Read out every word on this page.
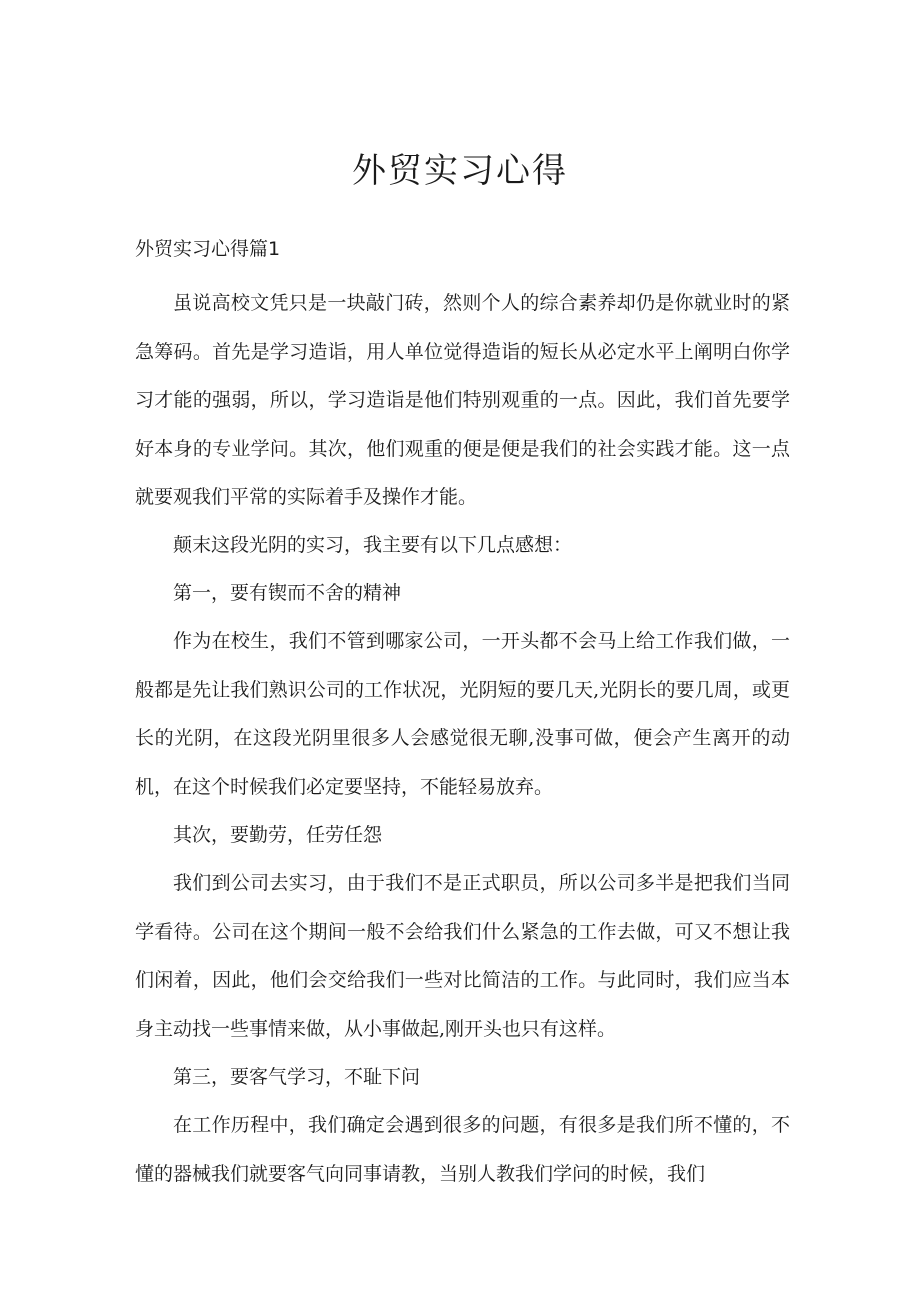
外贸实习心得
外贸实习心得篇1

虽说高校文凭只是一块敲门砖，然则个人的综合素养却仍是你就业时的紧急筹码。首先是学习造诣，用人单位觉得造诣的短长从必定水平上阐明白你学习才能的强弱，所以，学习造诣是他们特别观重的一点。因此，我们首先要学好本身的专业学问。其次，他们观重的便是便是我们的社会实践才能。这一点就要观我们平常的实际着手及操作才能。

颠末这段光阴的实习，我主要有以下几点感想：

第一，要有锲而不舍的精神

作为在校生，我们不管到哪家公司，一开头都不会马上给工作我们做，一般都是先让我们熟识公司的工作状况，光阴短的要几天,光阴长的要几周，或更长的光阴，在这段光阴里很多人会感觉很无聊,没事可做，便会产生离开的动机，在这个时候我们必定要坚持，不能轻易放弃。

其次，要勤劳，任劳任怨

我们到公司去实习，由于我们不是正式职员，所以公司多半是把我们当同学看待。公司在这个期间一般不会给我们什么紧急的工作去做，可又不想让我们闲着，因此，他们会交给我们一些对比简洁的工作。与此同时，我们应当本身主动找一些事情来做，从小事做起,刚开头也只有这样。

第三，要客气学习，不耻下问

在工作历程中，我们确定会遇到很多的问题，有很多是我们所不懂的，不懂的器械我们就要客气向同事请教，当别人教我们学问的时候，我们
